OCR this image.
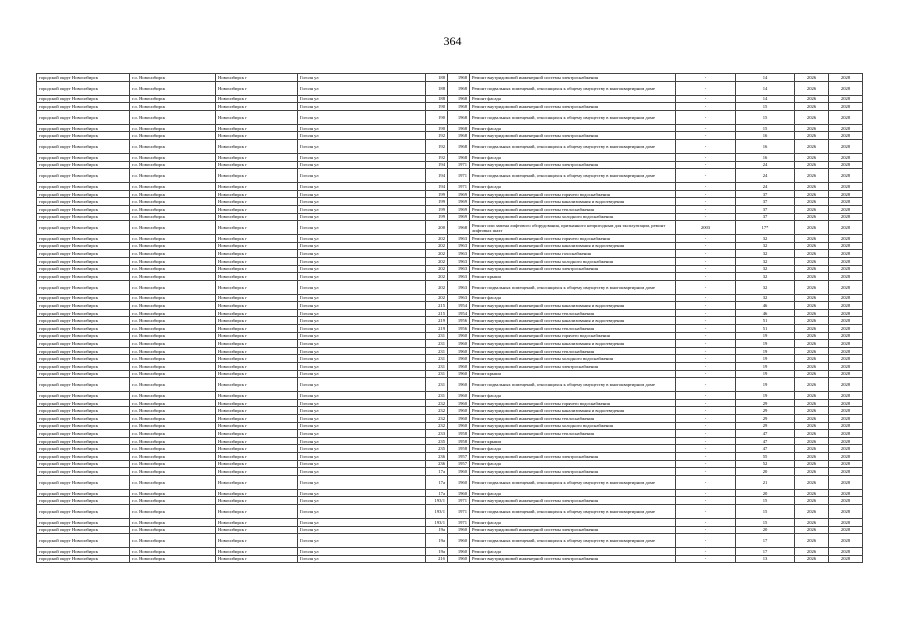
364
городской округ Новосибирск	г.о. Новосибирск	Новосибирск г	Гоголя ул	188	1968	Ремонт внутридомовой инженерной системы электроснабжения	-	14	2026	2028
городской округ Новосибирск	г.о. Новосибирск	Новосибирск г	Гоголя ул	188	1968	Ремонт подвальных помещений, относящихся к общему имуществу в многоквартирном доме	-	14	2026	2028
городской округ Новосибирск	г.о. Новосибирск	Новосибирск г	Гоголя ул	188	1968	Ремонт фасада	-	14	2026	2028
городской округ Новосибирск	г.о. Новосибирск	Новосибирск г	Гоголя ул	190	1968	Ремонт внутридомовой инженерной системы электроснабжения	-	15	2026	2028
городской округ Новосибирск	г.о. Новосибирск	Новосибирск г	Гоголя ул	190	1968	Ремонт подвальных помещений, относящихся к общему имуществу в многоквартирном доме	-	15	2026	2028
городской округ Новосибирск	г.о. Новосибирск	Новосибирск г	Гоголя ул	190	1968	Ремонт фасада	-	15	2026	2028
городской округ Новосибирск	г.о. Новосибирск	Новосибирск г	Гоголя ул	192	1968	Ремонт внутридомовой инженерной системы электроснабжения	-	16	2026	2028
городской округ Новосибирск	г.о. Новосибирск	Новосибирск г	Гоголя ул	192	1968	Ремонт подвальных помещений, относящихся к общему имуществу в многоквартирном доме	-	16	2026	2028
городской округ Новосибирск	г.о. Новосибирск	Новосибирск г	Гоголя ул	192	1968	Ремонт фасада	-	16	2026	2028
городской округ Новосибирск	г.о. Новосибирск	Новосибирск г	Гоголя ул	194	1971	Ремонт внутридомовой инженерной системы электроснабжения	-	24	2026	2028
городской округ Новосибирск	г.о. Новосибирск	Новосибирск г	Гоголя ул	194	1971	Ремонт подвальных помещений, относящихся к общему имуществу в многоквартирном доме	-	24	2026	2028
городской округ Новосибирск	г.о. Новосибирск	Новосибирск г	Гоголя ул	194	1971	Ремонт фасада	-	24	2026	2028
городской округ Новосибирск	г.о. Новосибирск	Новосибирск г	Гоголя ул	199	1969	Ремонт внутридомовой инженерной системы горячего водоснабжения	-	37	2026	2028
городской округ Новосибирск	г.о. Новосибирск	Новосибирск г	Гоголя ул	199	1969	Ремонт внутридомовой инженерной системы канализования и водоотведения	-	37	2026	2028
городской округ Новосибирск	г.о. Новосибирск	Новосибирск г	Гоголя ул	199	1969	Ремонт внутридомовой инженерной системы теплоснабжения	-	37	2026	2028
городской округ Новосибирск	г.о. Новосибирск	Новосибирск г	Гоголя ул	199	1969	Ремонт внутридомовой инженерной системы холодного водоснабжения	-	37	2026	2028
городской округ Новосибирск	г.о. Новосибирск	Новосибирск г	Гоголя ул	200	1968	Ремонт или замена лифтового оборудования, признанного непригодным для эксплуатации, ремонт лифтовых шахт	2003	17*	2026	2028
городской округ Новосибирск	г.о. Новосибирск	Новосибирск г	Гоголя ул	202	1963	Ремонт внутридомовой инженерной системы горячего водоснабжения	-	32	2026	2028
городской округ Новосибирск	г.о. Новосибирск	Новосибирск г	Гоголя ул	202	1963	Ремонт внутридомовой инженерной системы канализования и водоотведения	-	32	2026	2028
городской округ Новосибирск	г.о. Новосибирск	Новосибирск г	Гоголя ул	202	1963	Ремонт внутридомовой инженерной системы газоснабжения	-	32	2026	2028
городской округ Новосибирск	г.о. Новосибирск	Новосибирск г	Гоголя ул	202	1963	Ремонт внутридомовой инженерной системы холодного водоснабжения	-	32	2026	2028
городской округ Новосибирск	г.о. Новосибирск	Новосибирск г	Гоголя ул	202	1963	Ремонт внутридомовой инженерной системы электроснабжения	-	32	2026	2028
городской округ Новосибирск	г.о. Новосибирск	Новосибирск г	Гоголя ул	202	1963	Ремонт крыши	-	32	2026	2028
городской округ Новосибирск	г.о. Новосибирск	Новосибирск г	Гоголя ул	202	1963	Ремонт подвальных помещений, относящихся к общему имуществу в многоквартирном доме	-	32	2026	2028
городской округ Новосибирск	г.о. Новосибирск	Новосибирск г	Гоголя ул	202	1963	Ремонт фасада	-	32	2026	2028
городской округ Новосибирск	г.о. Новосибирск	Новосибирск г	Гоголя ул	215	1954	Ремонт внутридомовой инженерной системы канализования и водоотведения	-	46	2026	2028
городской округ Новосибирск	г.о. Новосибирск	Новосибирск г	Гоголя ул	215	1954	Ремонт внутридомовой инженерной системы теплоснабжения	-	46	2026	2028
городской округ Новосибирск	г.о. Новосибирск	Новосибирск г	Гоголя ул	219	1956	Ремонт внутридомовой инженерной системы канализования и водоотведения	-	51	2026	2028
городской округ Новосибирск	г.о. Новосибирск	Новосибирск г	Гоголя ул	219	1956	Ремонт внутридомовой инженерной системы теплоснабжения	-	51	2026	2028
городской округ Новосибирск	г.о. Новосибирск	Новосибирск г	Гоголя ул	231	1960	Ремонт внутридомовой инженерной системы горячего водоснабжения	-	19	2026	2028
городской округ Новосибирск	г.о. Новосибирск	Новосибирск г	Гоголя ул	231	1960	Ремонт внутридомовой инженерной системы канализования и водоотведения	-	19	2026	2028
городской округ Новосибирск	г.о. Новосибирск	Новосибирск г	Гоголя ул	231	1960	Ремонт внутридомовой инженерной системы теплоснабжения	-	19	2026	2028
городской округ Новосибирск	г.о. Новосибирск	Новосибирск г	Гоголя ул	231	1960	Ремонт внутридомовой инженерной системы холодного водоснабжения	-	19	2026	2028
городской округ Новосибирск	г.о. Новосибирск	Новосибирск г	Гоголя ул	231	1960	Ремонт внутридомовой инженерной системы электроснабжения	-	19	2026	2028
городской округ Новосибирск	г.о. Новосибирск	Новосибирск г	Гоголя ул	231	1960	Ремонт крыши	-	19	2026	2028
городской округ Новосибирск	г.о. Новосибирск	Новосибирск г	Гоголя ул	231	1960	Ремонт подвальных помещений, относящихся к общему имуществу в многоквартирном доме	-	19	2026	2028
городской округ Новосибирск	г.о. Новосибирск	Новосибирск г	Гоголя ул	231	1960	Ремонт фасада	-	19	2026	2028
городской округ Новосибирск	г.о. Новосибирск	Новосибирск г	Гоголя ул	232	1960	Ремонт внутридомовой инженерной системы горячего водоснабжения	-	29	2026	2028
городской округ Новосибирск	г.о. Новосибирск	Новосибирск г	Гоголя ул	232	1960	Ремонт внутридомовой инженерной системы канализования и водоотведения	-	29	2026	2028
городской округ Новосибирск	г.о. Новосибирск	Новосибирск г	Гоголя ул	232	1960	Ремонт внутридомовой инженерной системы теплоснабжения	-	29	2026	2028
городской округ Новосибирск	г.о. Новосибирск	Новосибирск г	Гоголя ул	232	1960	Ремонт внутридомовой инженерной системы холодного водоснабжения	-	29	2026	2028
городской округ Новосибирск	г.о. Новосибирск	Новосибирск г	Гоголя ул	233	1958	Ремонт внутридомовой инженерной системы теплоснабжения	-	47	2026	2028
городской округ Новосибирск	г.о. Новосибирск	Новосибирск г	Гоголя ул	235	1958	Ремонт крыши	-	47	2026	2028
городской округ Новосибирск	г.о. Новосибирск	Новосибирск г	Гоголя ул	235	1958	Ремонт фасада	-	47	2026	2028
городской округ Новосибирск	г.о. Новосибирск	Новосибирск г	Гоголя ул	236	1957	Ремонт внутридомовой инженерной системы электроснабжения	-	55	2026	2028
городской округ Новосибирск	г.о. Новосибирск	Новосибирск г	Гоголя ул	236	1957	Ремонт фасада	-	52	2026	2028
городской округ Новосибирск	г.о. Новосибирск	Новосибирск г	Гоголя ул	17а	1960	Ремонт внутридомовой инженерной системы электроснабжения	-	20	2026	2028
городской округ Новосибирск	г.о. Новосибирск	Новосибирск г	Гоголя ул	17а	1960	Ремонт подвальных помещений, относящихся к общему имуществу в многоквартирном доме	-	21	2026	2028
городской округ Новосибирск	г.о. Новосибирск	Новосибирск г	Гоголя ул	17а	1960	Ремонт фасада	-	20	2026	2028
городской округ Новосибирск	г.о. Новосибирск	Новосибирск г	Гоголя ул	193/1	1971	Ремонт внутридомовой инженерной системы электроснабжения	-	15	2026	2028
городской округ Новосибирск	г.о. Новосибирск	Новосибирск г	Гоголя ул	193/1	1971	Ремонт подвальных помещений, относящихся к общему имуществу в многоквартирном доме	-	15	2026	2028
городской округ Новосибирск	г.о. Новосибирск	Новосибирск г	Гоголя ул	193/1	1971	Ремонт фасада	-	15	2026	2028
городской округ Новосибирск	г.о. Новосибирск	Новосибирск г	Гоголя ул	19а	1960	Ремонт внутридомовой инженерной системы электроснабжения	-	20	2026	2028
городской округ Новосибирск	г.о. Новосибирск	Новосибирск г	Гоголя ул	19а	1960	Ремонт подвальных помещений, относящихся к общему имуществу в многоквартирном доме	-	17	2026	2028
городской округ Новосибирск	г.о. Новосибирск	Новосибирск г	Гоголя ул	19а	1960	Ремонт фасада	-	17	2026	2028
городской округ Новосибирск	г.о. Новосибирск	Новосибирск г	Гоголя ул	21б	1960	Ремонт внутридомовой инженерной системы электроснабжения	-	13	2026	2028
